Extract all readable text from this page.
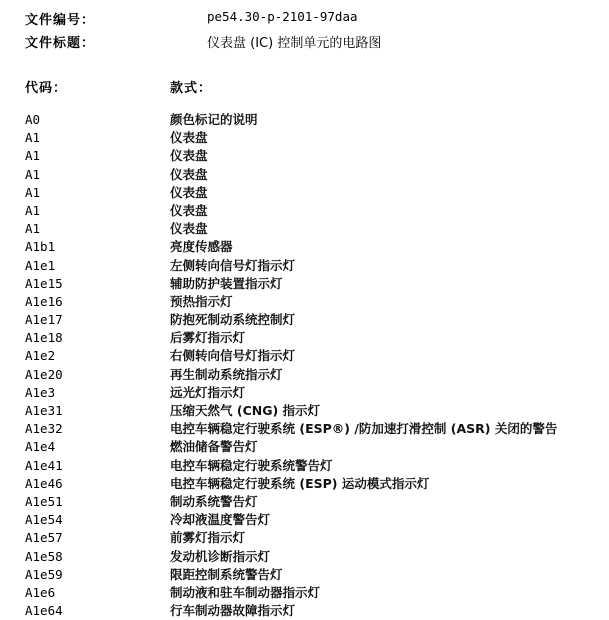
文件编号：	pe54.30-p-2101-97daa
文件标题：	仪表盘 (IC) 控制单元的电路图
代码：	款式：
A0	颜色标记的说明
A1	仪表盘
A1	仪表盘
A1	仪表盘
A1	仪表盘
A1	仪表盘
A1	仪表盘
A1b1	亮度传感器
A1e1	左侧转向信号灯指示灯
A1e15	辅助防护装置指示灯
A1e16	预热指示灯
A1e17	防抱死制动系统控制灯
A1e18	后雾灯指示灯
A1e2	右侧转向信号灯指示灯
A1e20	再生制动系统指示灯
A1e3	远光灯指示灯
A1e31	压缩天然气 (CNG) 指示灯
A1e32	电控车辆稳定行驶系统 (ESP®) /防加速打滑控制 (ASR) 关闭的警告
A1e4	燃油储备警告灯
A1e41	电控车辆稳定行驶系统警告灯
A1e46	电控车辆稳定行驶系统 (ESP) 运动模式指示灯
A1e51	制动系统警告灯
A1e54	冷却液温度警告灯
A1e57	前雾灯指示灯
A1e58	发动机诊断指示灯
A1e59	限距控制系统警告灯
A1e6	制动液和驻车制动器指示灯
A1e64	行车制动器故障指示灯
